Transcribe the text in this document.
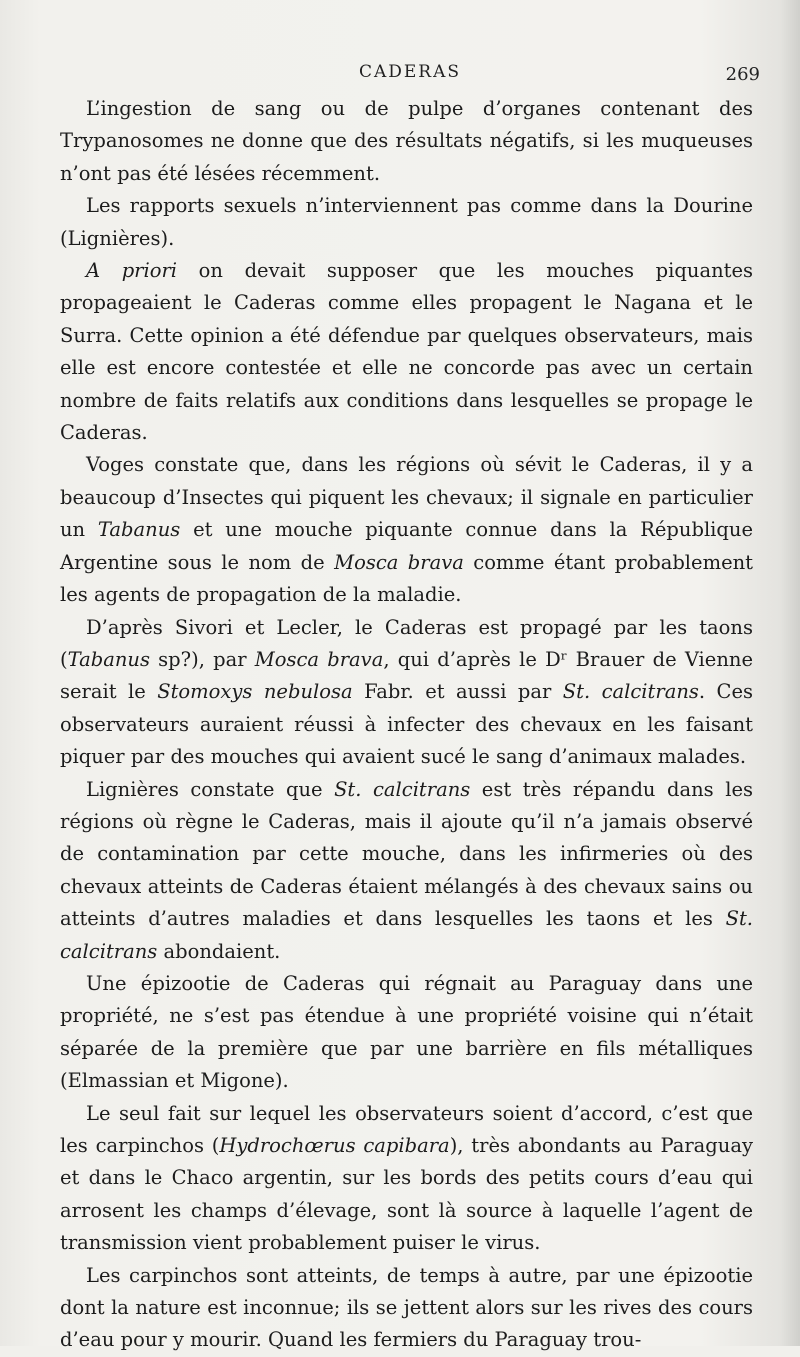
CADERAS	269

L’ingestion de sang ou de pulpe d’organes contenant des Trypanosomes ne donne que des résultats négatifs, si les muqueuses n’ont pas été lésées récemment.

Les rapports sexuels n’interviennent pas comme dans la Dourine (Lignières).

A priori on devait supposer que les mouches piquantes propageaient le Caderas comme elles propagent le Nagana et le Surra. Cette opinion a été défendue par quelques observateurs, mais elle est encore contestée et elle ne concorde pas avec un certain nombre de faits relatifs aux conditions dans lesquelles se propage le Caderas.

Voges constate que, dans les régions où sévit le Caderas, il y a beaucoup d’Insectes qui piquent les chevaux; il signale en particulier un Tabanus et une mouche piquante connue dans la République Argentine sous le nom de Mosca brava comme étant probablement les agents de propagation de la maladie.

D’après Sivori et Lecler, le Caderas est propagé par les taons (Tabanus sp?), par Mosca brava, qui d’après le Dʳ Brauer de Vienne serait le Stomoxys nebulosa Fabr. et aussi par St. calcitrans. Ces observateurs auraient réussi à infecter des chevaux en les faisant piquer par des mouches qui avaient sucé le sang d’animaux malades.

Lignières constate que St. calcitrans est très répandu dans les régions où règne le Caderas, mais il ajoute qu’il n’a jamais observé de contamination par cette mouche, dans les infirmeries où des chevaux atteints de Caderas étaient mélangés à des chevaux sains ou atteints d’autres maladies et dans lesquelles les taons et les St. calcitrans abondaient.

Une épizootie de Caderas qui régnait au Paraguay dans une propriété, ne s’est pas étendue à une propriété voisine qui n’était séparée de la première que par une barrière en fils métalliques (Elmassian et Migone).

Le seul fait sur lequel les observateurs soient d’accord, c’est que les carpinchos (Hydrochœrus capibara), très abondants au Paraguay et dans le Chaco argentin, sur les bords des petits cours d’eau qui arrosent les champs d’élevage, sont là source à laquelle l’agent de transmission vient probablement puiser le virus.

Les carpinchos sont atteints, de temps à autre, par une épizootie dont la nature est inconnue; ils se jettent alors sur les rives des cours d’eau pour y mourir. Quand les fermiers du Paraguay trou-
